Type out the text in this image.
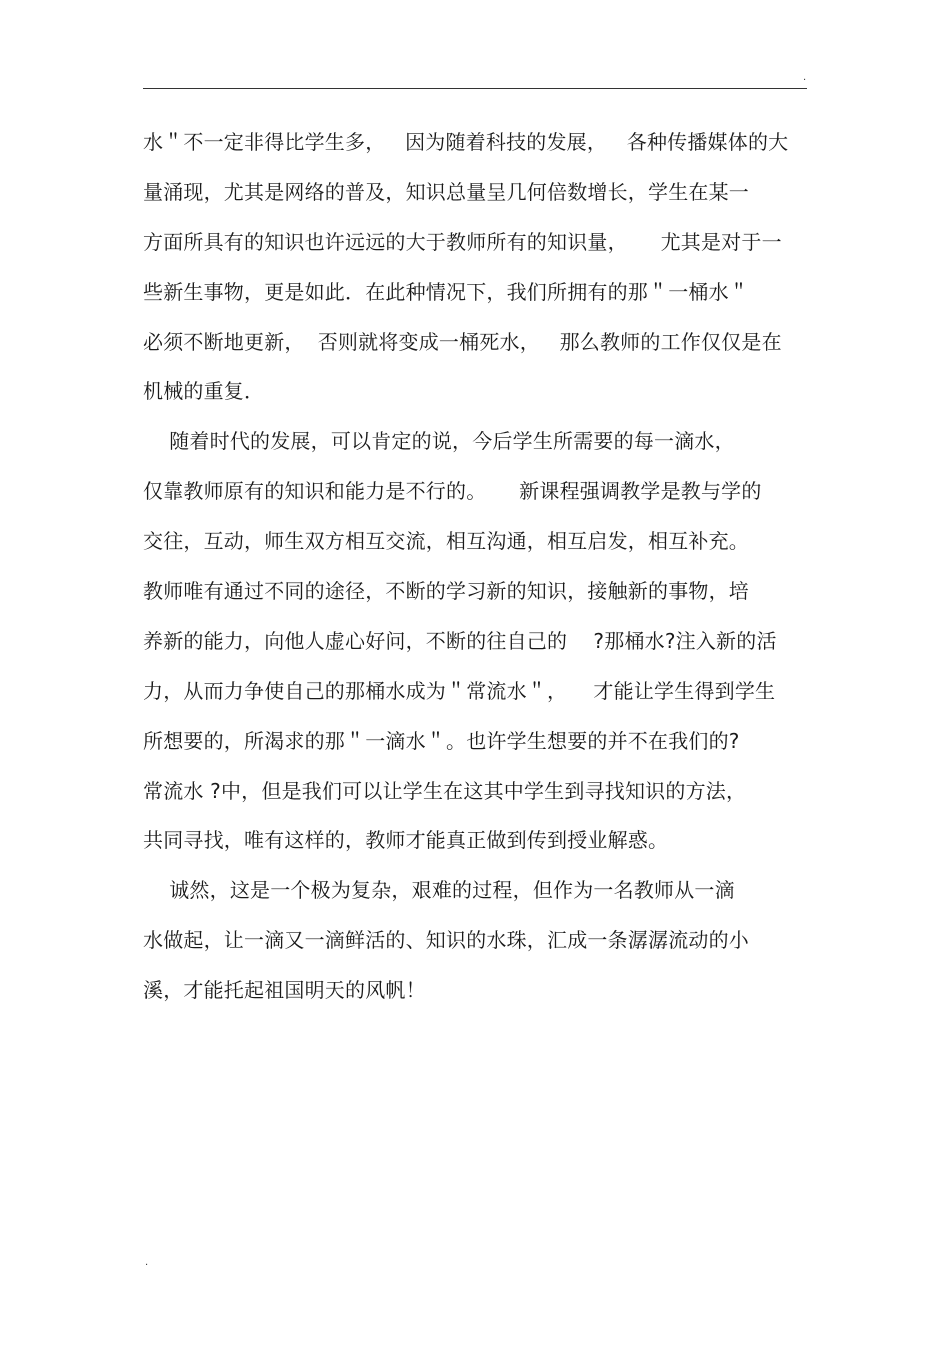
.
水＂不一定非得比学生多，   因为随着科技的发展，   各种传播媒体的大
量涌现，尤其是网络的普及，知识总量呈几何倍数增长，学生在某一
方面所具有的知识也许远远的大于教师所有的知识量，     尤其是对于一
些新生事物，更是如此．在此种情况下，我们所拥有的那＂一桶水＂
必须不断地更新，  否则就将变成一桶死水，   那么教师的工作仅仅是在
机械的重复．
随着时代的发展，可以肯定的说，今后学生所需要的每一滴水，
仅靠教师原有的知识和能力是不行的。     新课程强调教学是教与学的
交往，互动，师生双方相互交流，相互沟通，相互启发，相互补充。
教师唯有通过不同的途径，不断的学习新的知识，接触新的事物，培
养新的能力，向他人虚心好问，不断的往自己的    ?那桶水?注入新的活
力，从而力争使自己的那桶水成为＂常流水＂，    才能让学生得到学生
所想要的，所渴求的那＂一滴水＂。也许学生想要的并不在我们的?
常流水 ?中，但是我们可以让学生在这其中学生到寻找知识的方法，
共同寻找，唯有这样的，教师才能真正做到传到授业解惑。
诚然，这是一个极为复杂，艰难的过程，但作为一名教师从一滴
水做起，让一滴又一滴鲜活的、知识的水珠，汇成一条潺潺流动的小
溪，才能托起祖国明天的风帆！
.
